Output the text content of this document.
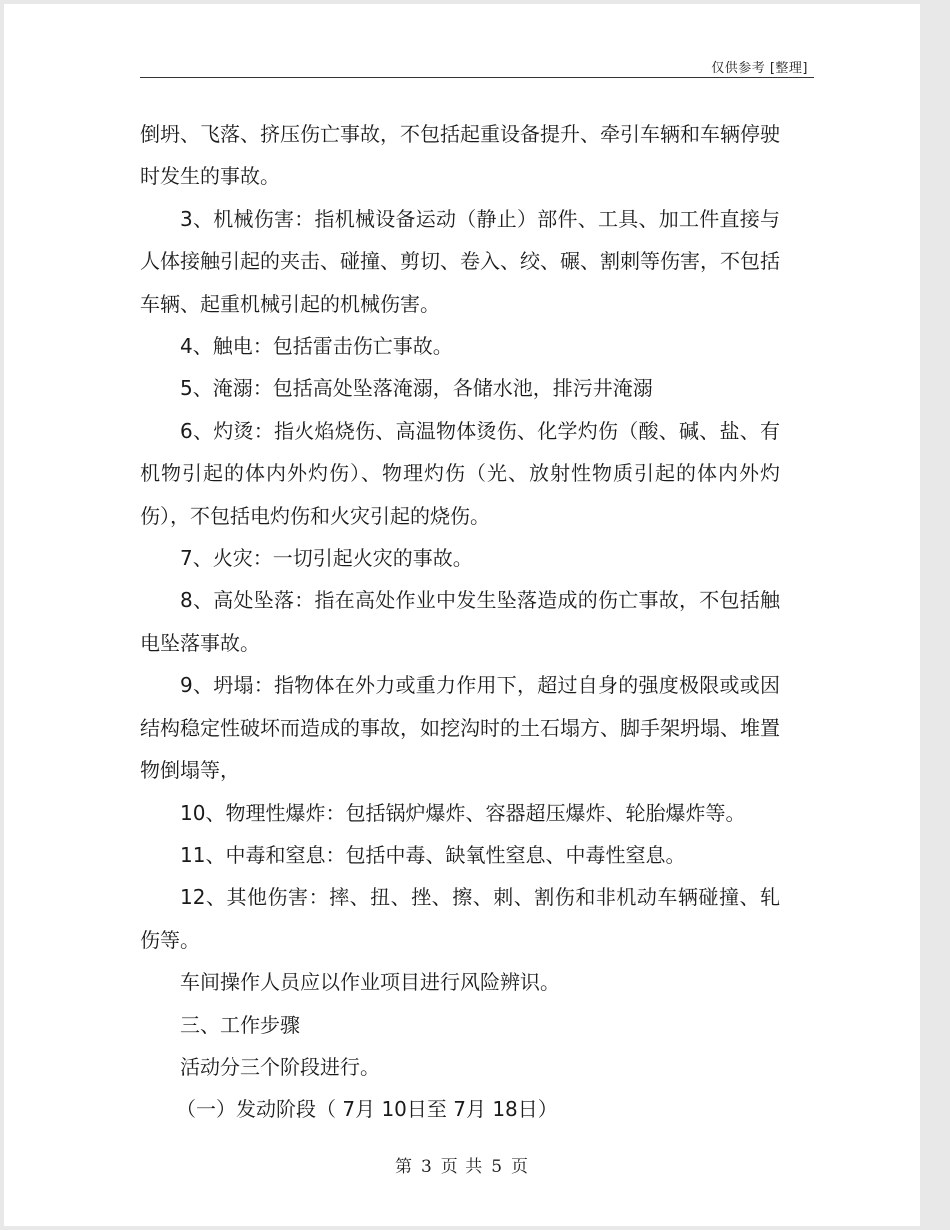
仅供参考 [整理]

倒坍、飞落、挤压伤亡事故，不包括起重设备提升、牵引车辆和车辆停驶时发生的事故。

3、机械伤害：指机械设备运动（静止）部件、工具、加工件直接与人体接触引起的夹击、碰撞、剪切、卷入、绞、碾、割刺等伤害，不包括车辆、起重机械引起的机械伤害。

4、触电：包括雷击伤亡事故。

5、淹溺：包括高处坠落淹溺，各储水池，排污井淹溺

6、灼烫：指火焰烧伤、高温物体烫伤、化学灼伤（酸、碱、盐、有机物引起的体内外灼伤）、物理灼伤（光、放射性物质引起的体内外灼伤），不包括电灼伤和火灾引起的烧伤。

7、火灾：一切引起火灾的事故。

8、高处坠落：指在高处作业中发生坠落造成的伤亡事故，不包括触电坠落事故。

9、坍塌：指物体在外力或重力作用下，超过自身的强度极限或或因结构稳定性破坏而造成的事故，如挖沟时的土石塌方、脚手架坍塌、堆置物倒塌等，

10、物理性爆炸：包括锅炉爆炸、容器超压爆炸、轮胎爆炸等。

11、中毒和窒息：包括中毒、缺氧性窒息、中毒性窒息。

12、其他伤害：摔、扭、挫、擦、刺、割伤和非机动车辆碰撞、轧伤等。

车间操作人员应以作业项目进行风险辨识。

三、工作步骤

活动分三个阶段进行。

（一）发动阶段（ 7月 10日至 7月 18日）

第 3 页 共 5 页
